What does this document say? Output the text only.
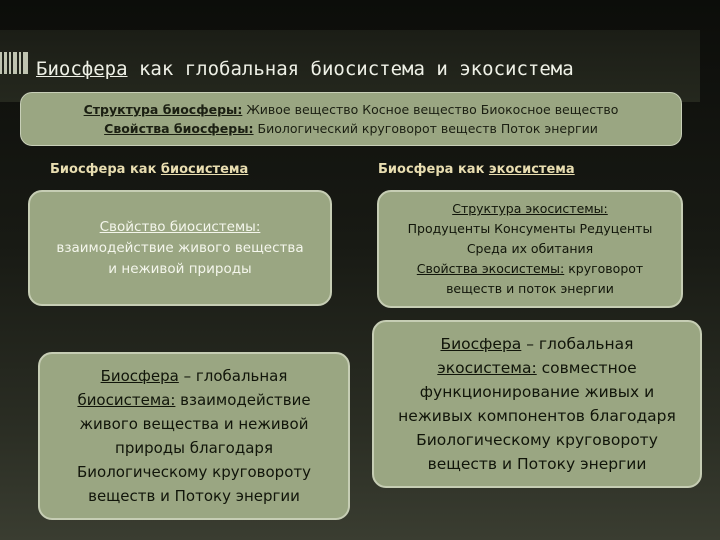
Биосфера как глобальная биосистема и экосистема
Структура биосферы: Живое вещество Косное вещество Биокосное вещество
Свойства биосферы: Биологический круговорот веществ Поток энергии
Биосфера как биосистема	Биосфера как экосистема
Свойство биосистемы:
взаимодействие живого вещества
и неживой природы
Структура экосистемы:
Продуценты Консументы Редуценты
Среда их обитания
Свойства экосистемы: круговорот
веществ и поток энергии
Биосфера – глобальная
биосистема: взаимодействие
живого вещества и неживой
природы благодаря
Биологическому круговороту
веществ и Потоку энергии
Биосфера – глобальная
экосистема: совместное
функционирование живых и
неживых компонентов благодаря
Биологическому круговороту
веществ и Потоку энергии
